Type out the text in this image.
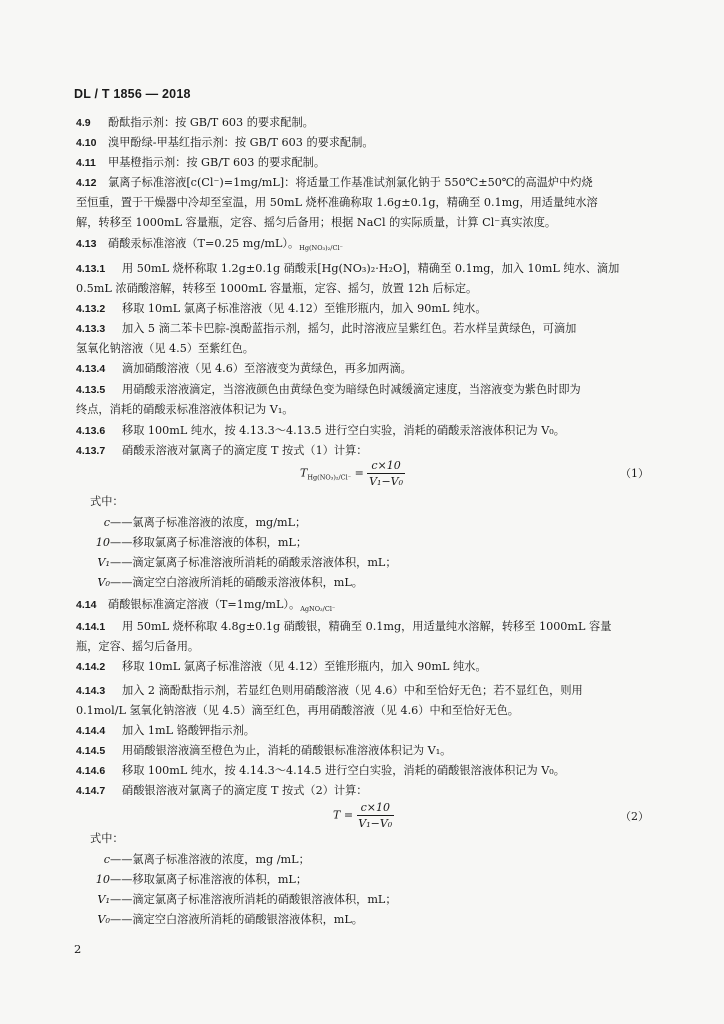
DL / T 1856 — 2018
4.9 酚酞指示剂：按 GB/T 603 的要求配制。
4.10 溴甲酚绿-甲基红指示剂：按 GB/T 603 的要求配制。
4.11 甲基橙指示剂：按 GB/T 603 的要求配制。
4.12 氯离子标准溶液[c(Cl⁻)=1mg/mL]：将适量工作基准试剂氯化钠于 550℃±50℃的高温炉中灼烧
至恒重，置于干燥器中冷却至室温，用 50mL 烧杯准确称取 1.6g±0.1g，精确至 0.1mg，用适量纯水溶
解，转移至 1000mL 容量瓶，定容、摇匀后备用；根据 NaCl 的实际质量，计算 Cl⁻真实浓度。
4.13 硝酸汞标准溶液（T=0.25 mg/mL）。$_{Hg(NO_3)_2/Cl^-}$
4.13.1 用 50mL 烧杯称取 1.2g±0.1g 硝酸汞[Hg(NO₃)₂·H₂O]，精确至 0.1mg，加入 10mL 纯水、滴加
0.5mL 浓硝酸溶解，转移至 1000mL 容量瓶，定容、摇匀，放置 12h 后标定。
4.13.2 移取 10mL 氯离子标准溶液（见 4.12）至锥形瓶内，加入 90mL 纯水。
4.13.3 加入 5 滴二苯卡巴腙-溴酚蓝指示剂，摇匀，此时溶液应呈紫红色。若水样呈黄绿色，可滴加
氢氧化钠溶液（见 4.5）至紫红色。
4.13.4 滴加硝酸溶液（见 4.6）至溶液变为黄绿色，再多加两滴。
4.13.5 用硝酸汞溶液滴定，当溶液颜色由黄绿色变为暗绿色时减缓滴定速度，当溶液变为紫色时即为
终点，消耗的硝酸汞标准溶液体积记为 V₁。
4.13.6 移取 100mL 纯水，按 4.13.3～4.13.5 进行空白实验，消耗的硝酸汞溶液体积记为 V₀。
4.13.7 硝酸汞溶液对氯离子的滴定度 T 按式（1）计算：
$T_{Hg(NO_3)_2/Cl^-} = \frac{c\times 10}{\text{V₁−V₀}}$	（1）
式中：
c——氯离子标准溶液的浓度，mg/mL；
10——移取氯离子标准溶液的体积，mL；
V₁——滴定氯离子标准溶液所消耗的硝酸汞溶液体积，mL；
V₀——滴定空白溶液所消耗的硝酸汞溶液体积，mL。
4.14 硝酸银标准滴定溶液（T=1mg/mL）。$_{AgNO_3/Cl^-}$
4.14.1 用 50mL 烧杯称取 4.8g±0.1g 硝酸银，精确至 0.1mg，用适量纯水溶解，转移至 1000mL 容量
瓶，定容、摇匀后备用。
4.14.2 移取 10mL 氯离子标准溶液（见 4.12）至锥形瓶内，加入 90mL 纯水。
4.14.3 加入 2 滴酚酞指示剂，若显红色则用硝酸溶液（见 4.6）中和至恰好无色；若不显红色，则用
0.1mol/L 氢氧化钠溶液（见 4.5）滴至红色，再用硝酸溶液（见 4.6）中和至恰好无色。
4.14.4 加入 1mL 铬酸钾指示剂。
4.14.5 用硝酸银溶液滴至橙色为止，消耗的硝酸银标准溶液体积记为 V₁。
4.14.6 移取 100mL 纯水，按 4.14.3～4.14.5 进行空白实验，消耗的硝酸银溶液体积记为 V₀。
4.14.7 硝酸银溶液对氯离子的滴定度 T 按式（2）计算：
$T = \frac{c\times 10}{\text{V₁−V₀}}$	（2）
式中：
c——氯离子标准溶液的浓度，mg /mL；
10——移取氯离子标准溶液的体积，mL；
V₁——滴定氯离子标准溶液所消耗的硝酸银溶液体积，mL；
V₀——滴定空白溶液所消耗的硝酸银溶液体积，mL。
2
